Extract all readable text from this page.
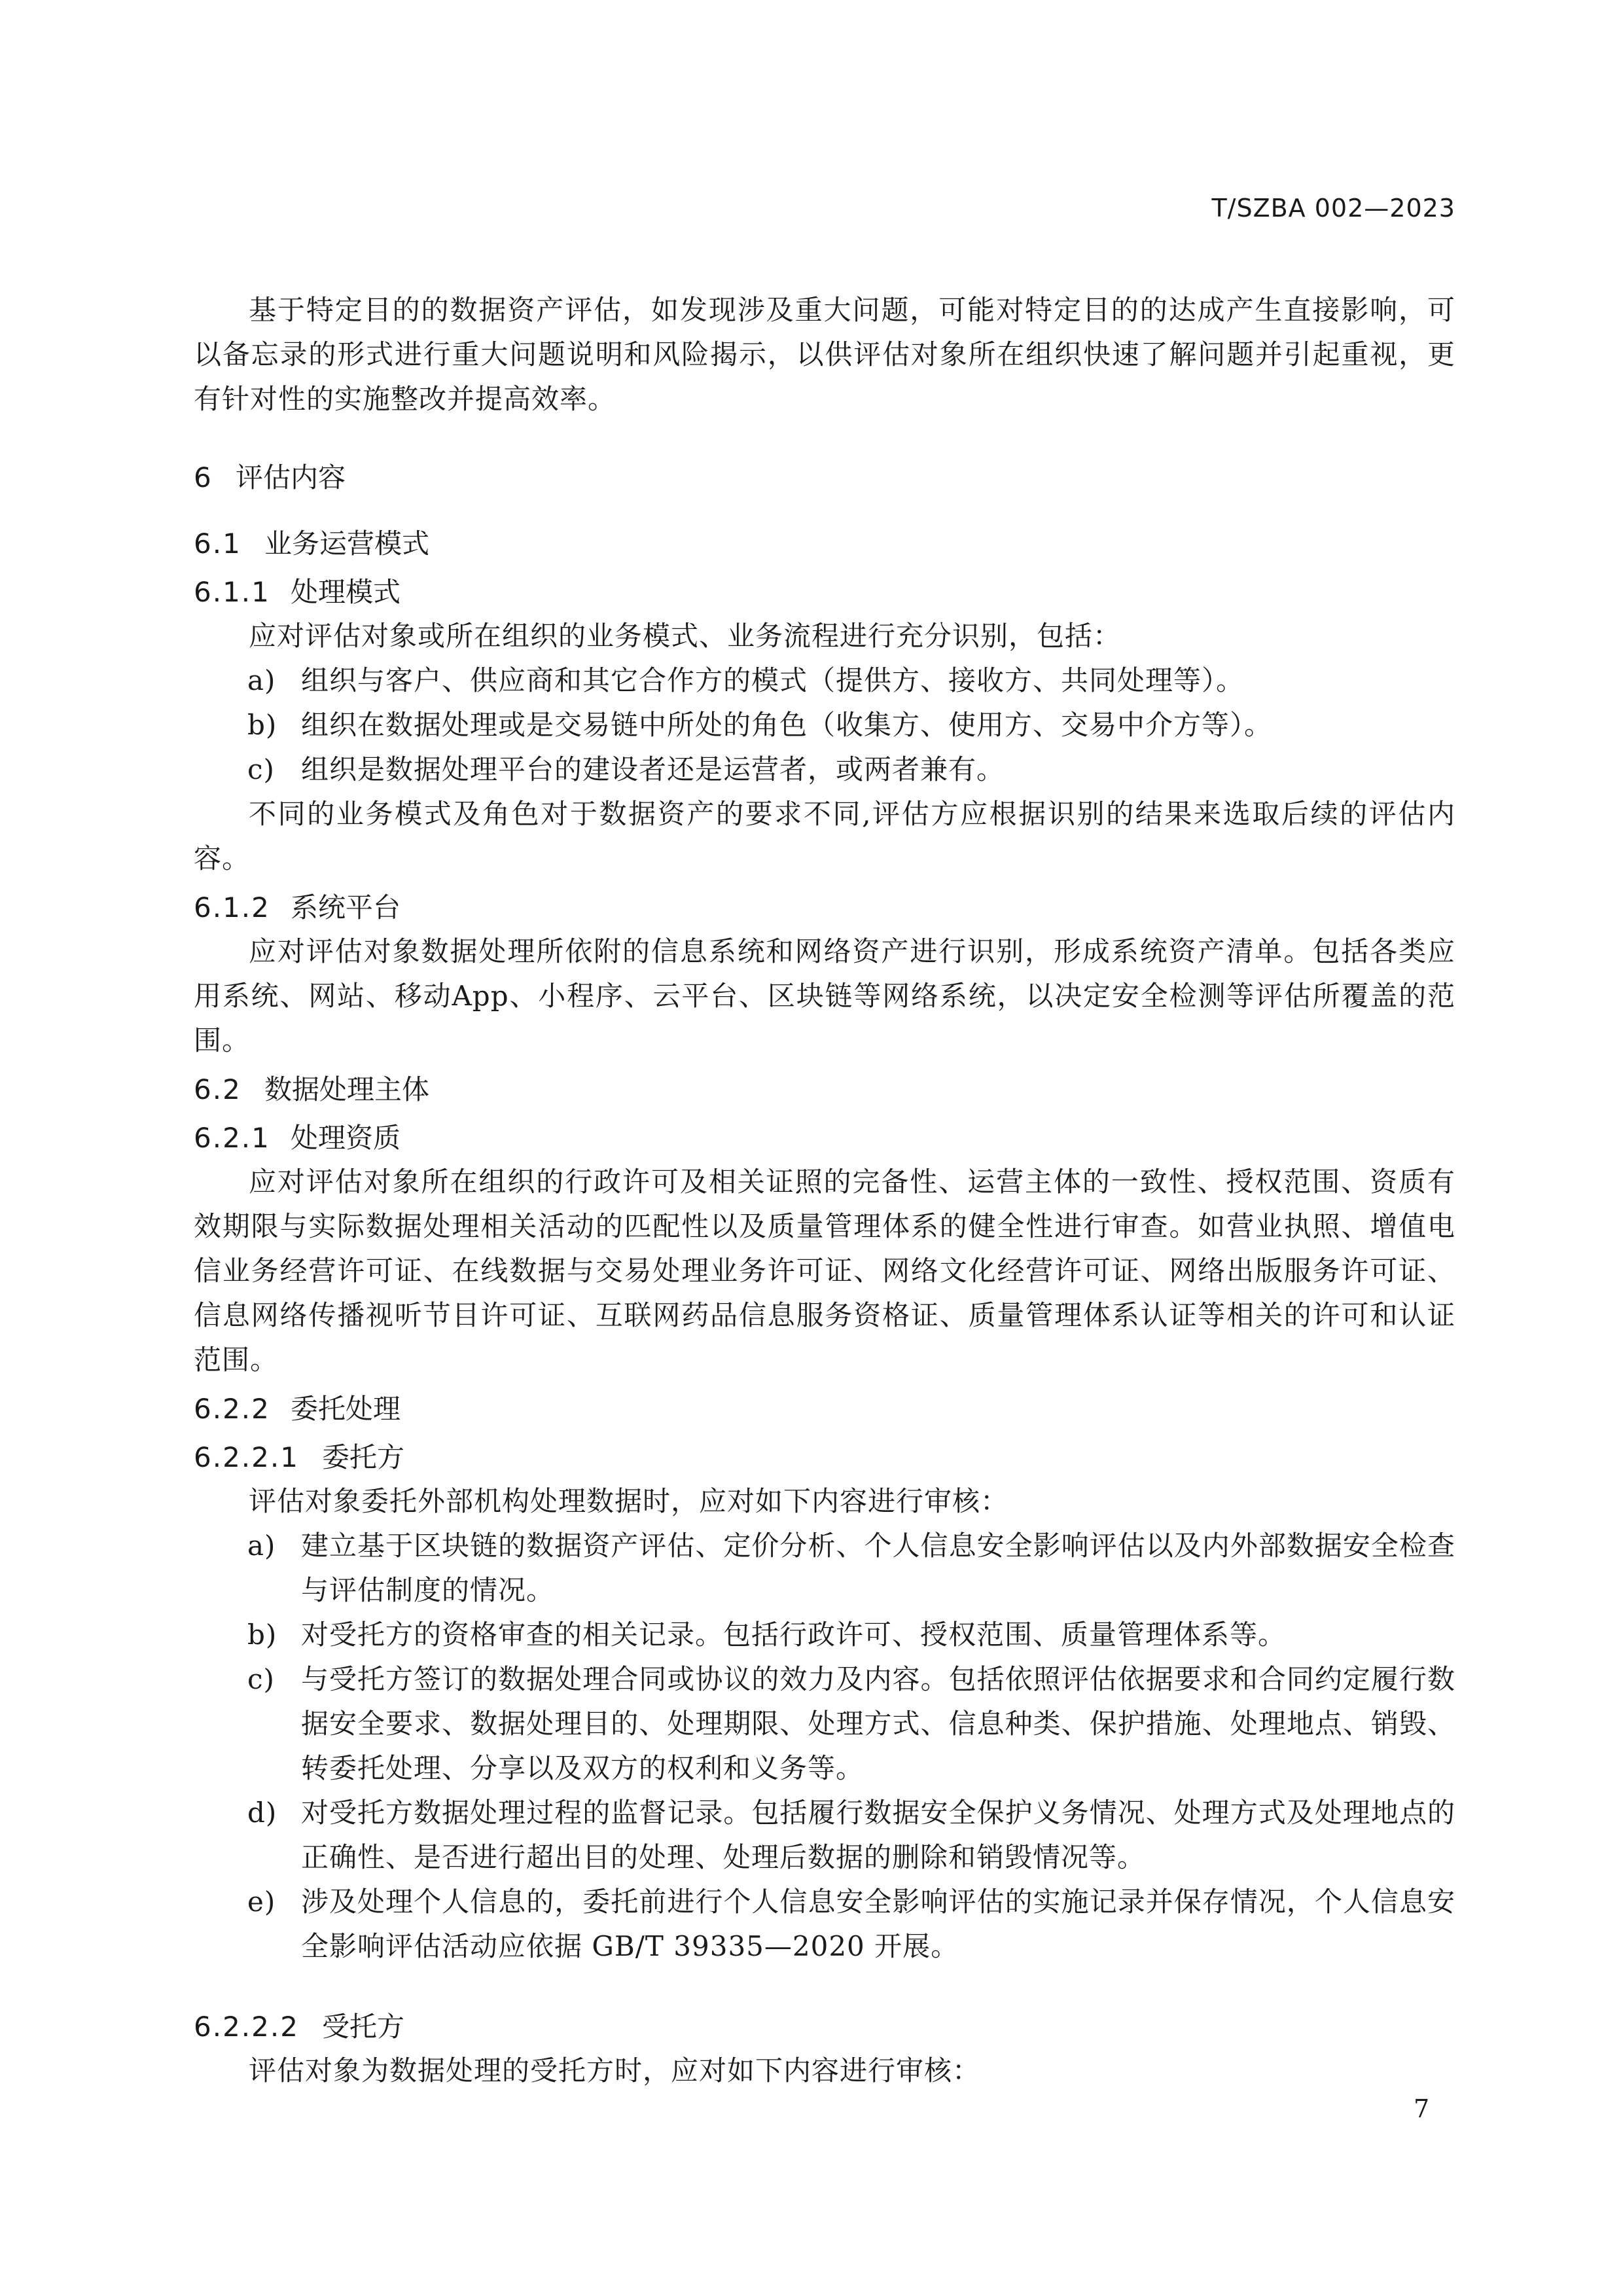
T/SZBA 002—2023

基于特定目的的数据资产评估，如发现涉及重大问题，可能对特定目的的达成产生直接影响，可以备忘录的形式进行重大问题说明和风险揭示，以供评估对象所在组织快速了解问题并引起重视，更有针对性的实施整改并提高效率。

6 评估内容
6.1 业务运营模式
6.1.1 处理模式

应对评估对象或所在组织的业务模式、业务流程进行充分识别，包括：

a) 组织与客户、供应商和其它合作方的模式（提供方、接收方、共同处理等）。

b) 组织在数据处理或是交易链中所处的角色（收集方、使用方、交易中介方等）。

c) 组织是数据处理平台的建设者还是运营者，或两者兼有。

不同的业务模式及角色对于数据资产的要求不同,评估方应根据识别的结果来选取后续的评估内容。

6.1.2 系统平台

应对评估对象数据处理所依附的信息系统和网络资产进行识别，形成系统资产清单。包括各类应用系统、网站、移动App、小程序、云平台、区块链等网络系统，以决定安全检测等评估所覆盖的范围。

6.2 数据处理主体
6.2.1 处理资质

应对评估对象所在组织的行政许可及相关证照的完备性、运营主体的一致性、授权范围、资质有效期限与实际数据处理相关活动的匹配性以及质量管理体系的健全性进行审查。如营业执照、增值电信业务经营许可证、在线数据与交易处理业务许可证、网络文化经营许可证、网络出版服务许可证、信息网络传播视听节目许可证、互联网药品信息服务资格证、质量管理体系认证等相关的许可和认证范围。

6.2.2 委托处理
6.2.2.1 委托方

评估对象委托外部机构处理数据时，应对如下内容进行审核：

a) 建立基于区块链的数据资产评估、定价分析、个人信息安全影响评估以及内外部数据安全检查与评估制度的情况。

b) 对受托方的资格审查的相关记录。包括行政许可、授权范围、质量管理体系等。

c) 与受托方签订的数据处理合同或协议的效力及内容。包括依照评估依据要求和合同约定履行数据安全要求、数据处理目的、处理期限、处理方式、信息种类、保护措施、处理地点、销毁、转委托处理、分享以及双方的权利和义务等。

d) 对受托方数据处理过程的监督记录。包括履行数据安全保护义务情况、处理方式及处理地点的正确性、是否进行超出目的处理、处理后数据的删除和销毁情况等。

e) 涉及处理个人信息的，委托前进行个人信息安全影响评估的实施记录并保存情况，个人信息安全影响评估活动应依据 GB/T 39335—2020 开展。

6.2.2.2 受托方

评估对象为数据处理的受托方时，应对如下内容进行审核：

7
